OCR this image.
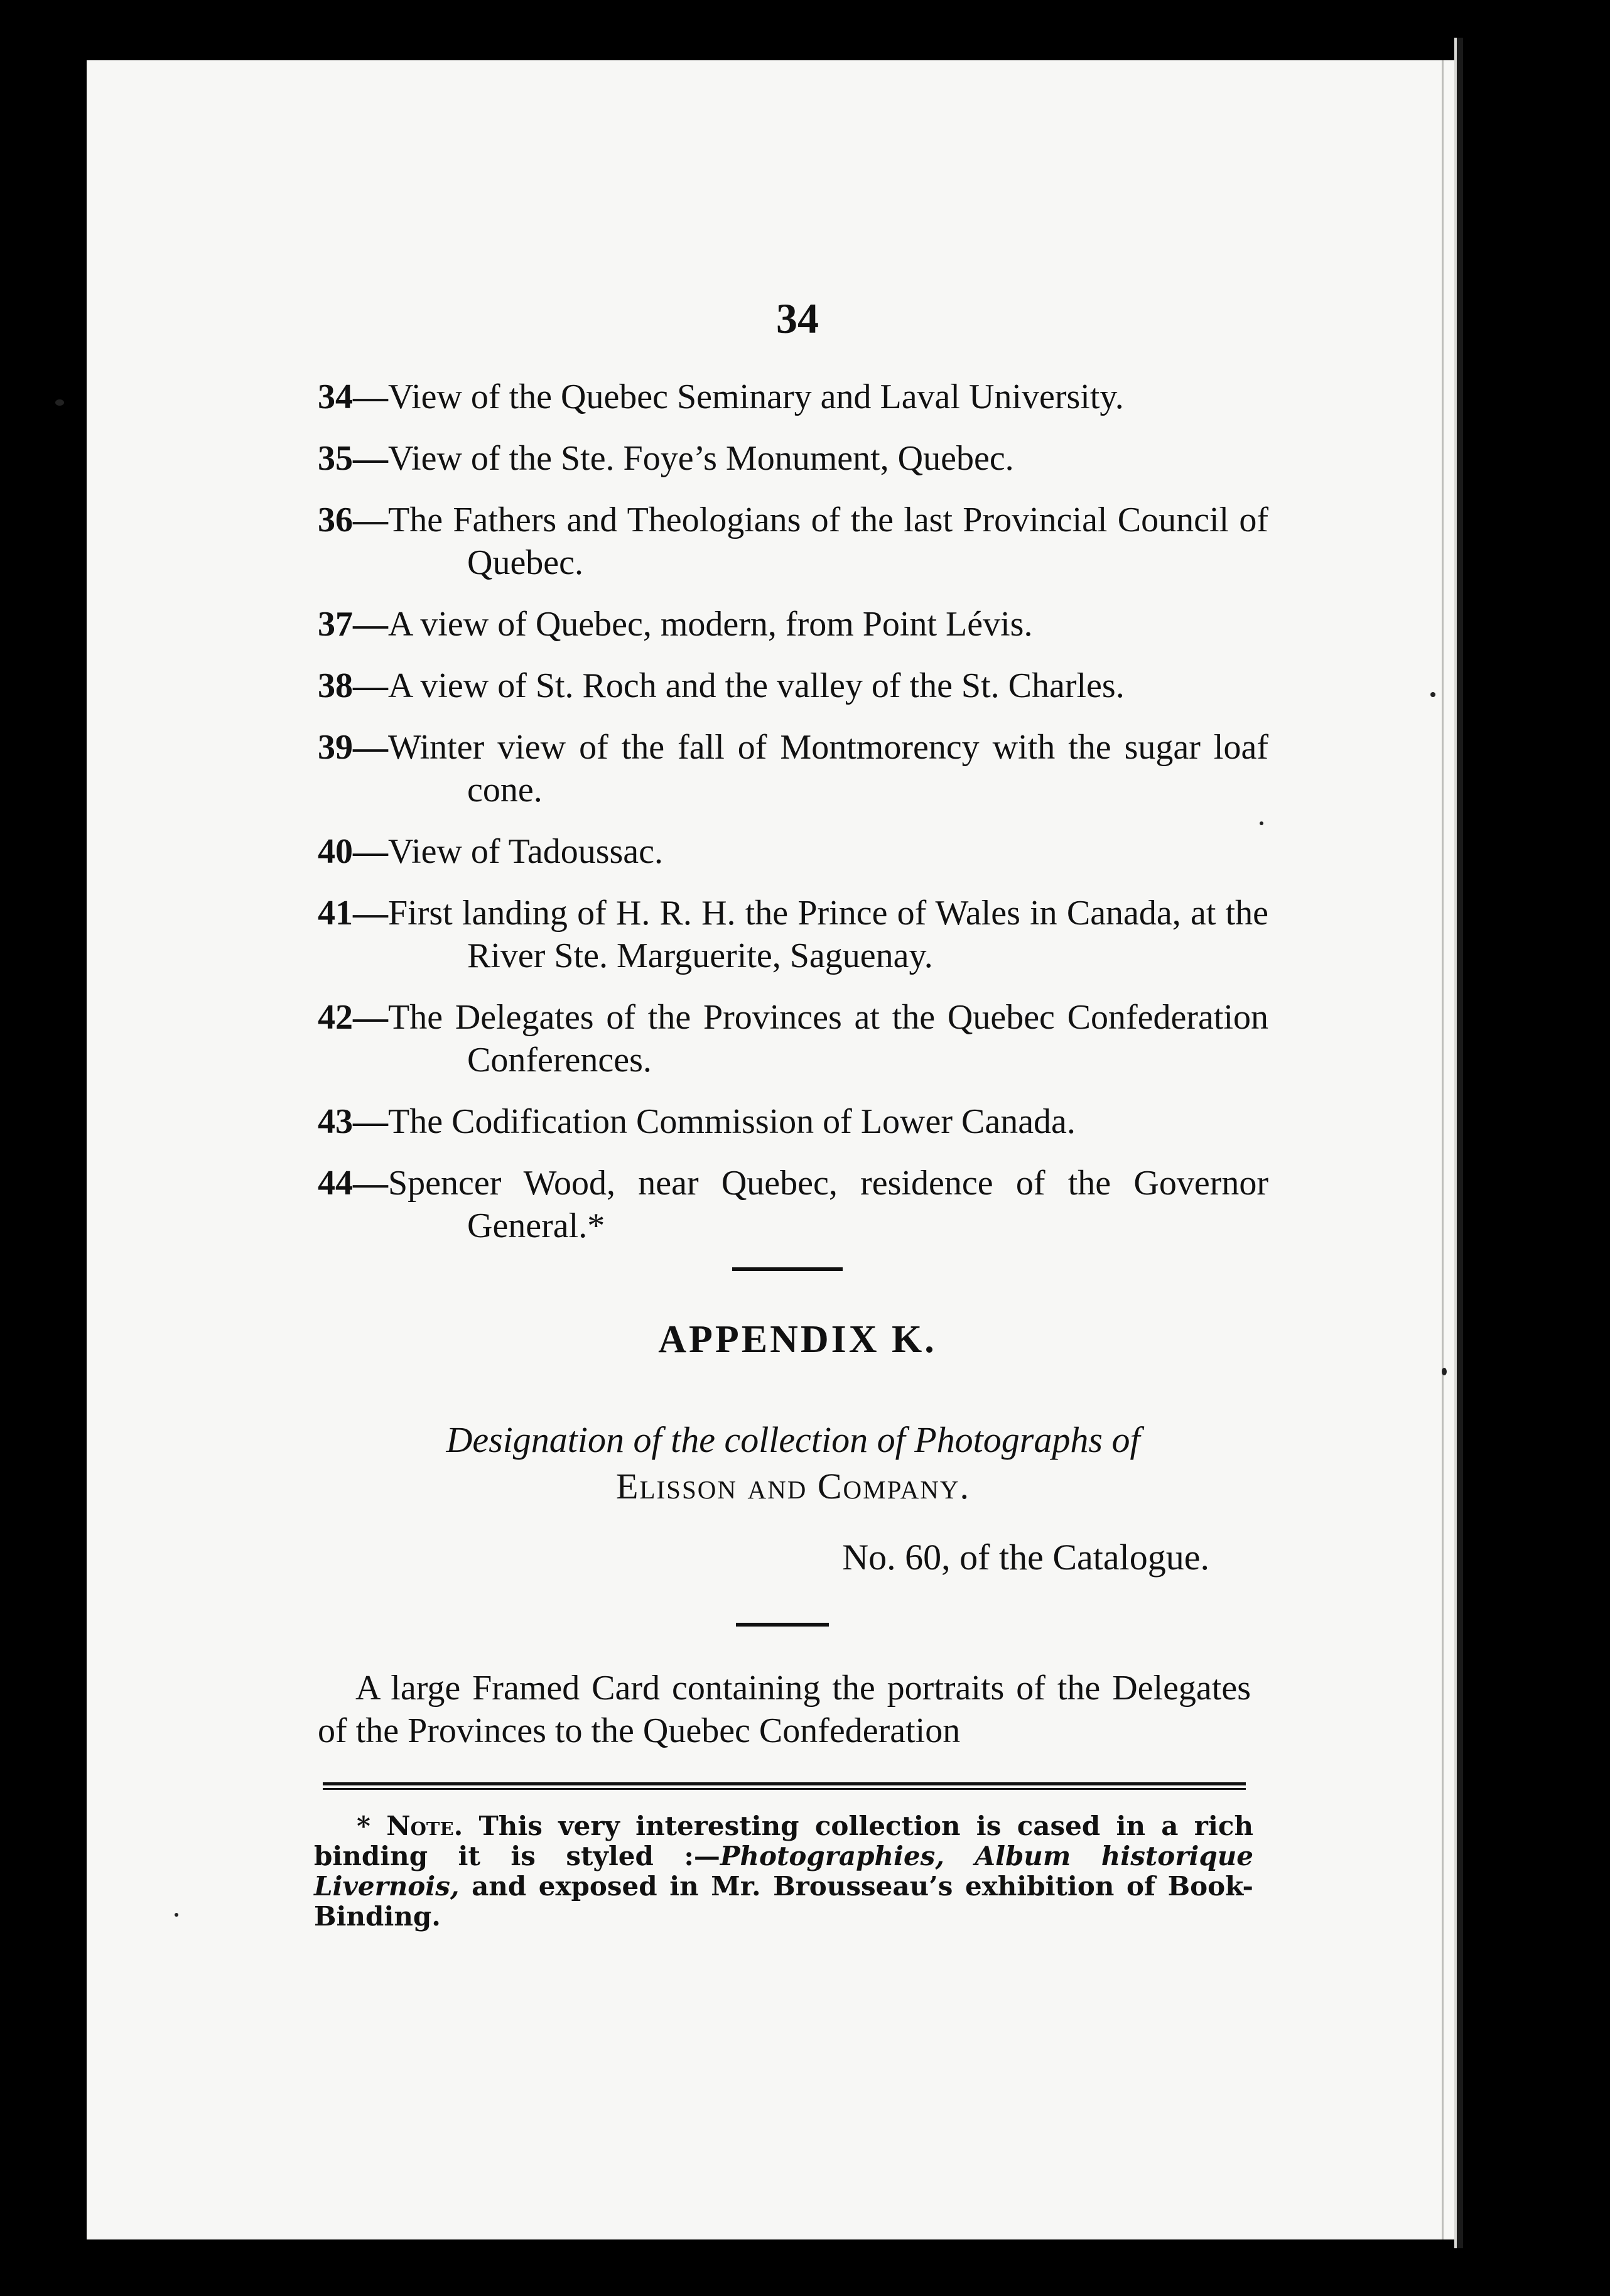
34
34—View of the Quebec Seminary and Laval University.
35—View of the Ste. Foye’s Monument, Quebec.
36—The Fathers and Theologians of the last Provincial Council of Quebec.
37—A view of Quebec, modern, from Point Lévis.
38—A view of St. Roch and the valley of the St. Charles.
39—Winter view of the fall of Montmorency with the sugar loaf cone.
40—View of Tadoussac.
41—First landing of H. R. H. the Prince of Wales in Canada, at the River Ste. Marguerite, Saguenay.
42—The Delegates of the Provinces at the Quebec Confederation Conferences.
43—The Codification Commission of Lower Canada.
44—Spencer Wood, near Quebec, residence of the Governor General.*
APPENDIX K.
Designation of the collection of Photographs of
Elisson and Company.
No. 60, of the Catalogue.
A large Framed Card containing the portraits of the Delegates of the Provinces to the Quebec Confederation
* Note. This very interesting collection is cased in a rich binding it is styled :—Photographies, Album historique Livernois, and exposed in Mr. Brousseau’s exhibition of Book-Binding.
